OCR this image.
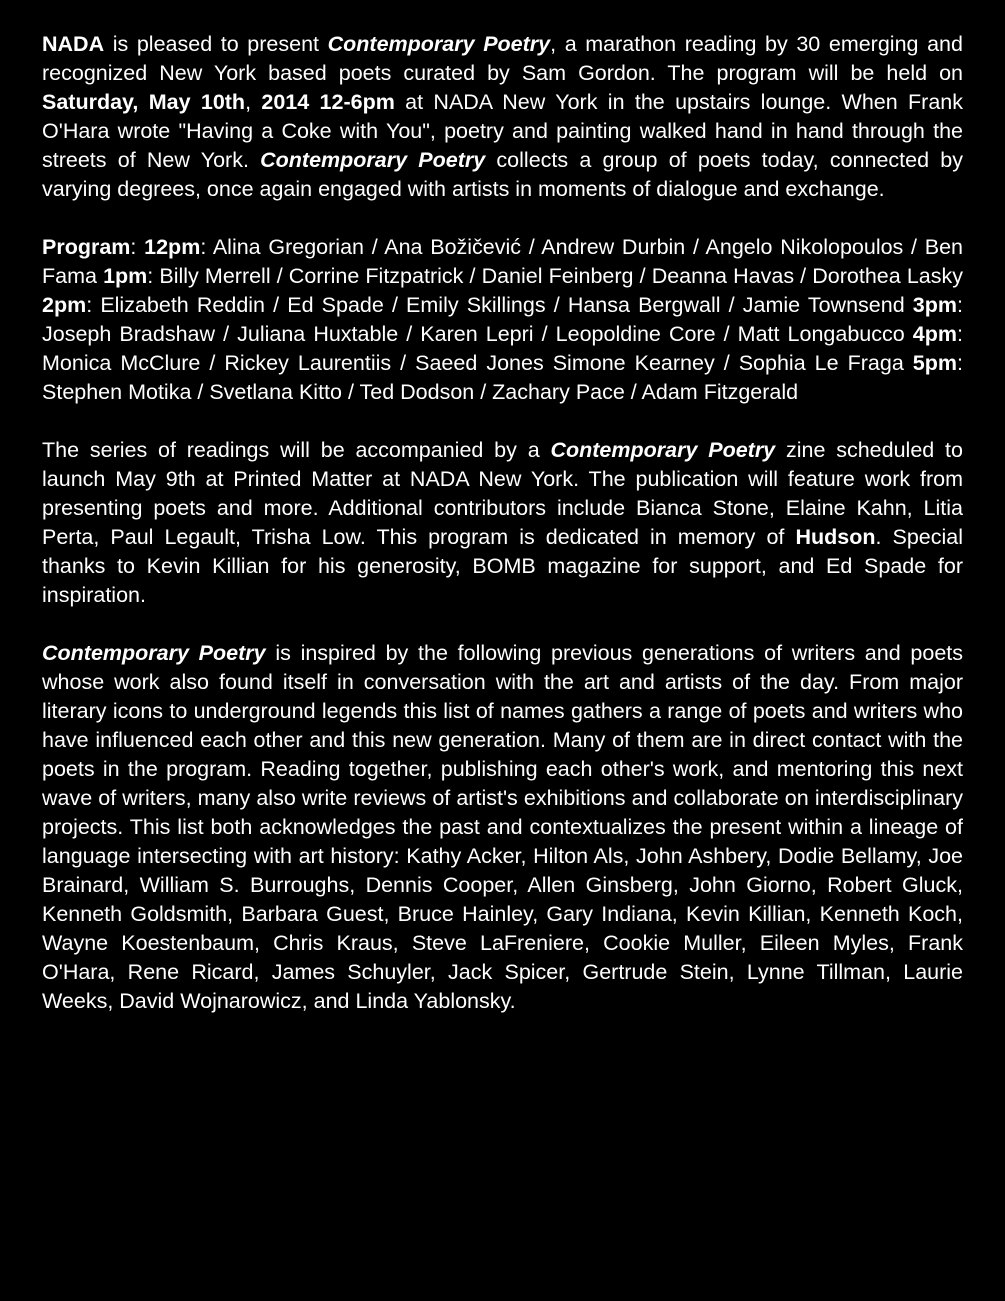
NADA is pleased to present Contemporary Poetry, a marathon reading by 30 emerging and recognized New York based poets curated by Sam Gordon. The program will be held on Saturday, May 10th, 2014 12-6pm at NADA New York in the upstairs lounge. When Frank O'Hara wrote "Having a Coke with You", poetry and painting walked hand in hand through the streets of New York. Contemporary Poetry collects a group of poets today, connected by varying degrees, once again engaged with artists in moments of dialogue and exchange.

Program: 12pm: Alina Gregorian / Ana Božičević / Andrew Durbin / Angelo Nikolopoulos / Ben Fama 1pm: Billy Merrell / Corrine Fitzpatrick / Daniel Feinberg / Deanna Havas / Dorothea Lasky 2pm: Elizabeth Reddin / Ed Spade / Emily Skillings / Hansa Bergwall / Jamie Townsend 3pm: Joseph Bradshaw / Juliana Huxtable / Karen Lepri / Leopoldine Core / Matt Longabucco 4pm: Monica McClure / Rickey Laurentiis / Saeed Jones Simone Kearney / Sophia Le Fraga 5pm: Stephen Motika / Svetlana Kitto / Ted Dodson / Zachary Pace / Adam Fitzgerald

The series of readings will be accompanied by a Contemporary Poetry zine scheduled to launch May 9th at Printed Matter at NADA New York. The publication will feature work from presenting poets and more. Additional contributors include Bianca Stone, Elaine Kahn, Litia Perta, Paul Legault, Trisha Low. This program is dedicated in memory of Hudson. Special thanks to Kevin Killian for his generosity, BOMB magazine for support, and Ed Spade for inspiration.

Contemporary Poetry is inspired by the following previous generations of writers and poets whose work also found itself in conversation with the art and artists of the day. From major literary icons to underground legends this list of names gathers a range of poets and writers who have influenced each other and this new generation. Many of them are in direct contact with the poets in the program. Reading together, publishing each other's work, and mentoring this next wave of writers, many also write reviews of artist's exhibitions and collaborate on interdisciplinary projects. This list both acknowledges the past and contextualizes the present within a lineage of language intersecting with art history: Kathy Acker, Hilton Als, John Ashbery, Dodie Bellamy, Joe Brainard, William S. Burroughs, Dennis Cooper, Allen Ginsberg, John Giorno, Robert Gluck, Kenneth Goldsmith, Barbara Guest, Bruce Hainley, Gary Indiana, Kevin Killian, Kenneth Koch, Wayne Koestenbaum, Chris Kraus, Steve LaFreniere, Cookie Muller, Eileen Myles, Frank O'Hara, Rene Ricard, James Schuyler, Jack Spicer, Gertrude Stein, Lynne Tillman, Laurie Weeks, David Wojnarowicz, and Linda Yablonsky.
